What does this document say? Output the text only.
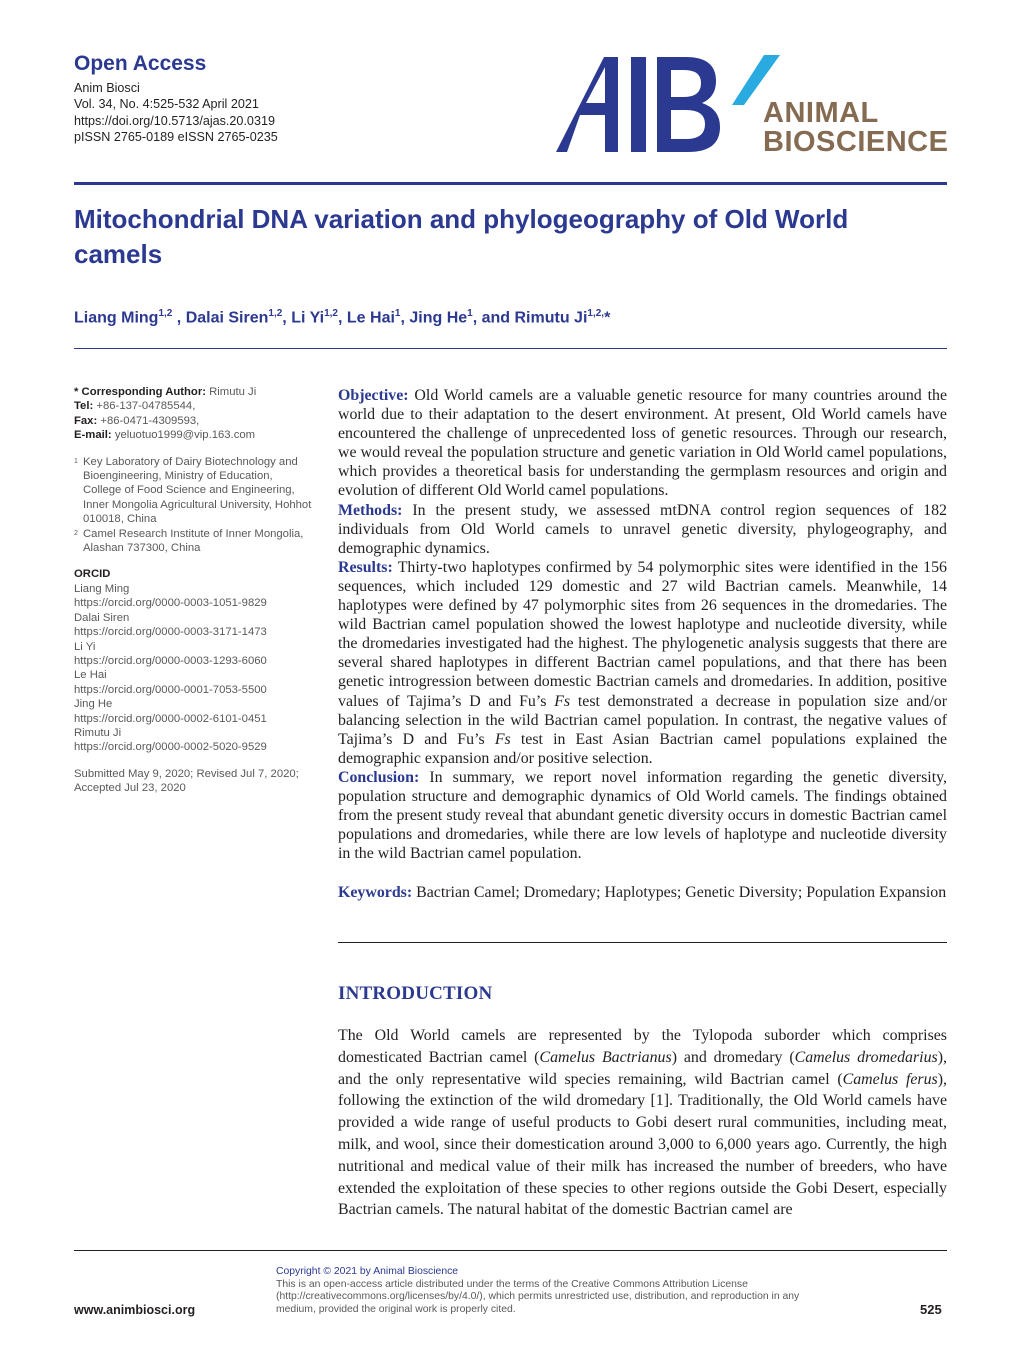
Open Access
Anim Biosci
Vol. 34, No. 4:525-532 April 2021
https://doi.org/10.5713/ajas.20.0319
pISSN 2765-0189 eISSN 2765-0235
ANIMAL
BIOSCIENCE
Mitochondrial DNA variation and phylogeography of Old World camels
Liang Ming$^{1,2}$ , Dalai Siren$^{1,2}$, Li Yi$^{1,2}$, Le Hai$^1$, Jing He$^1$, and Rimutu $Ji^{1,2,}*$
* Corresponding Author: Rimutu Ji
Tel: +86-137-04785544,
Fax: +86-0471-4309593,
E-mail: yeluotuo1999@vip.163.com
1 Key Laboratory of Dairy Biotechnology and Bioengineering, Ministry of Education, College of Food Science and Engineering, Inner Mongolia Agricultural University, Hohhot 010018, China
2 Camel Research Institute of Inner Mongolia, Alashan 737300, China
ORCID
Liang Ming
https://orcid.org/0000-0003-1051-9829
Dalai Siren
https://orcid.org/0000-0003-3171-1473
Li Yi
https://orcid.org/0000-0003-1293-6060
Le Hai
https://orcid.org/0000-0001-7053-5500
Jing He
https://orcid.org/0000-0002-6101-0451
Rimutu Ji
https://orcid.org/0000-0002-5020-9529
Submitted May 9, 2020; Revised Jul 7, 2020;
Accepted Jul 23, 2020

Objective: Old World camels are a valuable genetic resource for many countries around the world due to their adaptation to the desert environment. At present, Old World camels have encountered the challenge of unprecedented loss of genetic resources. Through our research, we would reveal the population structure and genetic variation in Old World camel populations, which provides a theoretical basis for understanding the germplasm resources and origin and evolution of different Old World camel populations.

Methods: In the present study, we assessed mtDNA control region sequences of 182 individuals from Old World camels to unravel genetic diversity, phylogeography, and demographic dynamics.

Results: Thirty-two haplotypes confirmed by 54 polymorphic sites were identified in the 156 sequences, which included 129 domestic and 27 wild Bactrian camels. Meanwhile, 14 haplotypes were defined by 47 polymorphic sites from 26 sequences in the dromedaries. The wild Bactrian camel population showed the lowest haplotype and nucleotide diversity, while the dromedaries investigated had the highest. The phylogenetic analysis suggests that there are several shared haplotypes in different Bactrian camel populations, and that there has been genetic introgression between domestic Bactrian camels and dromedaries. In addition, positive values of Tajima’s D and Fu’s Fs test demonstrated a decrease in population size and/or balancing selection in the wild Bactrian camel population. In contrast, the negative values of Tajima’s D and Fu’s Fs test in East Asian Bactrian camel populations explained the demographic expansion and/or positive selection.

Conclusion: In summary, we report novel information regarding the genetic diversity, population structure and demographic dynamics of Old World camels. The findings obtained from the present study reveal that abundant genetic diversity occurs in domestic Bactrian camel populations and dromedaries, while there are low levels of haplotype and nucleotide diversity in the wild Bactrian camel population.

Keywords: Bactrian Camel; Dromedary; Haplotypes; Genetic Diversity; Population Expansion

INTRODUCTION

The Old World camels are represented by the Tylopoda suborder which comprises domesticated Bactrian camel (Camelus Bactrianus) and dromedary (Camelus dromedarius), and the only representative wild species remaining, wild Bactrian camel (Camelus ferus), following the extinction of the wild dromedary [1]. Traditionally, the Old World camels have provided a wide range of useful products to Gobi desert rural communities, including meat, milk, and wool, since their domestication around 3,000 to 6,000 years ago. Currently, the high nutritional and medical value of their milk has increased the number of breeders, who have extended the exploitation of these species to other regions outside the Gobi Desert, especially Bactrian camels. The natural habitat of the domestic Bactrian camel are

www.animbiosci.org
Copyright © 2021 by Animal Bioscience
This is an open-access article distributed under the terms of the Creative Commons Attribution License (http://creativecommons.org/licenses/by/4.0/), which permits unrestricted use, distribution, and reproduction in any medium, provided the original work is properly cited.	525
